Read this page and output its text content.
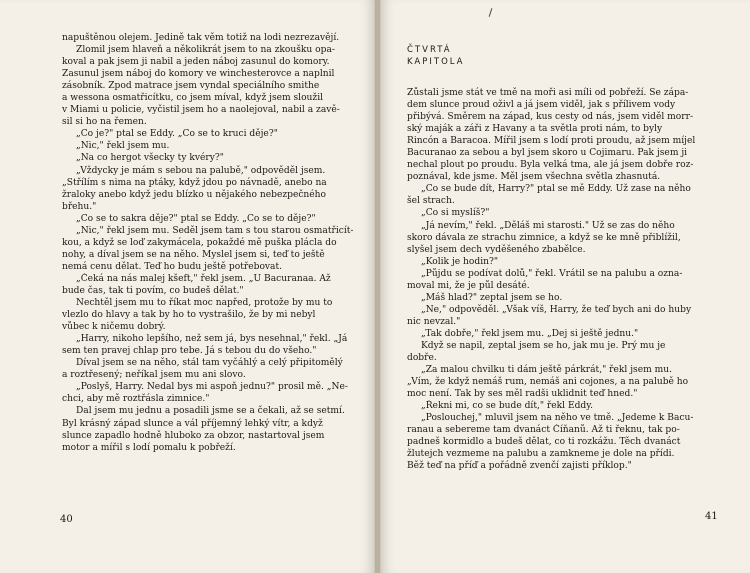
napuštěnou olejem. Jedině tak věm totiž na lodi nezrezavějí.
Zlomil jsem hlaveň a několikrát jsem to na zkoušku opa-
koval a pak jsem ji nabil a jeden náboj zasunul do komory.
Zasunul jsem náboj do komory ve winchesterovce a naplnil
zásobník. Zpod matrace jsem vyndal speciálního smithe
a wessona osmatřicítku, co jsem míval, když jsem sloužil
v Miami u policie, vyčistil jsem ho a naolejoval, nabil a zavě-
sil si ho na řemen.
„Co je?" ptal se Eddy. „Co se to kruci děje?"
„Nic," řekl jsem mu.
„Na co hergot všecky ty kvéry?"
„Vždycky je mám s sebou na palubě," odpověděl jsem.
„Střílím s nima na ptáky, když jdou po návnadě, anebo na
žraloky anebo když jedu blízko u nějakého nebezpečného
břehu."
„Co se to sakra děje?" ptal se Eddy. „Co se to děje?"
„Nic," řekl jsem mu. Seděl jsem tam s tou starou osmatřicít-
kou, a když se loď zakymácela, pokaždé mě puška plácla do
nohy, a díval jsem se na něho. Myslel jsem si, teď to ještě
nemá cenu dělat. Teď ho budu ještě potřebovat.
„Čeká na nás malej kšeft," řekl jsem. „U Bacuranaa. Až
bude čas, tak ti povím, co budeš dělat."
Nechtěl jsem mu to říkat moc napřed, protože by mu to
vlezlo do hlavy a tak by ho to vystrašilo, že by mi nebyl
vůbec k ničemu dobrý.
„Harry, nikoho lepšího, než sem já, bys nesehnal," řekl. „Já
sem ten pravej chlap pro tebe. Já s tebou du do všeho."
Díval jsem se na něho, stál tam vyčáhlý a celý připitomělý
a roztřesený; neříkal jsem mu ani slovo.
„Poslyš, Harry. Nedal bys mi aspoň jednu?" prosil mě. „Ne-
chci, aby mě roztřásla zimnice."
Dal jsem mu jednu a posadili jsme se a čekali, až se setmí.
Byl krásný západ slunce a vál příjemný lehký vítr, a když
slunce zapadlo hodně hluboko za obzor, nastartoval jsem
motor a mířil s lodí pomalu k pobřeží.
40
ČTVRTÁ
KAPITOLA
Zůstali jsme stát ve tmě na moři asi míli od pobřeží. Se zápa-
dem slunce proud oživl a já jsem viděl, jak s přílivem vody
přibývá. Směrem na západ, kus cesty od nás, jsem viděl morr-
ský maják a záři z Havany a ta světla proti nám, to byly
Rincón a Baracoa. Mířil jsem s lodí proti proudu, až jsem míjel
Bacuranao za sebou a byl jsem skoro u Cojimaru. Pak jsem ji
nechal plout po proudu. Byla velká tma, ale já jsem dobře roz-
poznával, kde jsme. Měl jsem všechna světla zhasnutá.
„Co se bude dít, Harry?" ptal se mě Eddy. Už zase na něho
šel strach.
„Co si myslíš?"
„Já nevím," řekl. „Děláš mi starosti." Už se zas do něho
skoro dávala ze strachu zimnice, a když se ke mně přiblížil,
slyšel jsem dech vyděšeného zbabělce.
„Kolik je hodin?"
„Půjdu se podívat dolů," řekl. Vrátil se na palubu a ozna-
moval mi, že je půl desáté.
„Máš hlad?" zeptal jsem se ho.
„Ne," odpověděl. „Však víš, Harry, že teď bych ani do huby
nic nevzal."
„Tak dobře," řekl jsem mu. „Dej si ještě jednu."
Když se napil, zeptal jsem se ho, jak mu je. Prý mu je
dobře.
„Za malou chvilku ti dám ještě párkrát," řekl jsem mu.
„Vím, že když nemáš rum, nemáš ani cojones, a na palubě ho
moc není. Tak by ses měl radši uklidnit teď hned."
„Řekni mi, co se bude dít," řekl Eddy.
„Poslouchej," mluvil jsem na něho ve tmě. „Jedeme k Bacu-
ranau a sebereme tam dvanáct Číňanů. Až ti řeknu, tak po-
padneš kormidlo a budeš dělat, co ti rozkážu. Těch dvanáct
žlutejch vezmeme na palubu a zamkneme je dole na přídi.
Běž teď na příď a pořádně zvenčí zajisti příklop."
41
